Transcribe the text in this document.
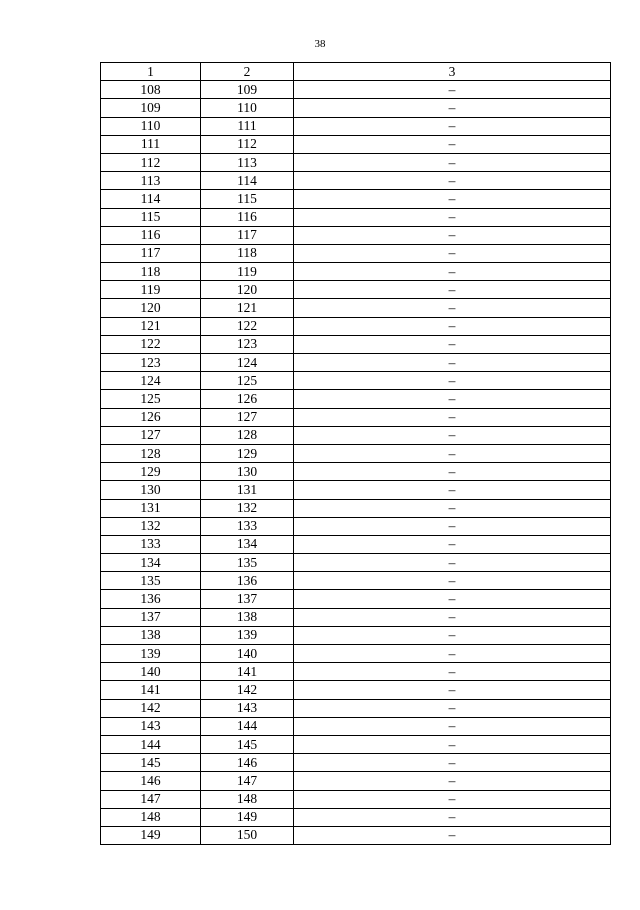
38
1	2	3
108	109	–
109	110	–
110	111	–
111	112	–
112	113	–
113	114	–
114	115	–
115	116	–
116	117	–
117	118	–
118	119	–
119	120	–
120	121	–
121	122	–
122	123	–
123	124	–
124	125	–
125	126	–
126	127	–
127	128	–
128	129	–
129	130	–
130	131	–
131	132	–
132	133	–
133	134	–
134	135	–
135	136	–
136	137	–
137	138	–
138	139	–
139	140	–
140	141	–
141	142	–
142	143	–
143	144	–
144	145	–
145	146	–
146	147	–
147	148	–
148	149	–
149	150	–
